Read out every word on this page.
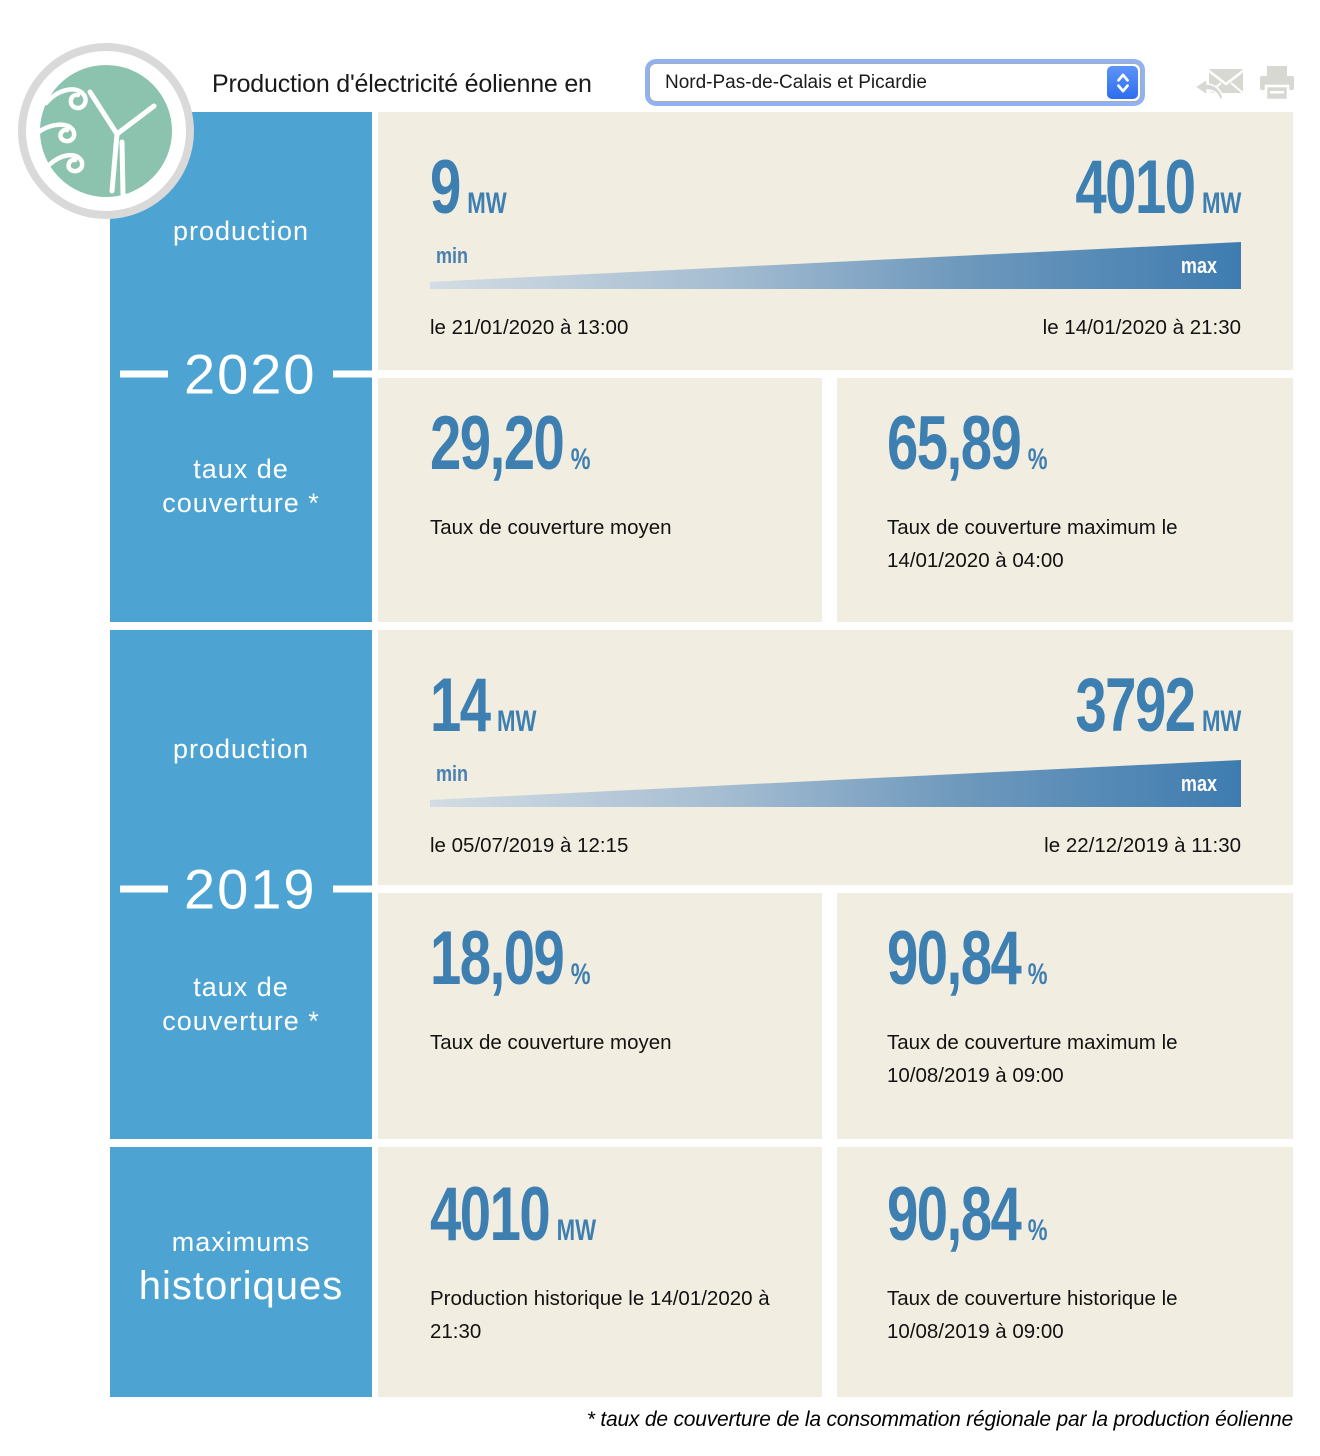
Production d'électricité éolienne en	Nord-Pas-de-Calais et Picardie
production
2020
taux de couverture *
9 MW	4010 MW
min	max
le 21/01/2020 à 13:00	le 14/01/2020 à 21:30
29,20 %
Taux de couverture moyen
65,89 %
Taux de couverture maximum le 14/01/2020 à 04:00
production
2019
taux de couverture *
14 MW	3792 MW
min	max
le 05/07/2019 à 12:15	le 22/12/2019 à 11:30
18,09 %
Taux de couverture moyen
90,84 %
Taux de couverture maximum le 10/08/2019 à 09:00
maximums
historiques
4010 MW
Production historique le 14/01/2020 à 21:30
90,84 %
Taux de couverture historique le 10/08/2019 à 09:00
* taux de couverture de la consommation régionale par la production éolienne
